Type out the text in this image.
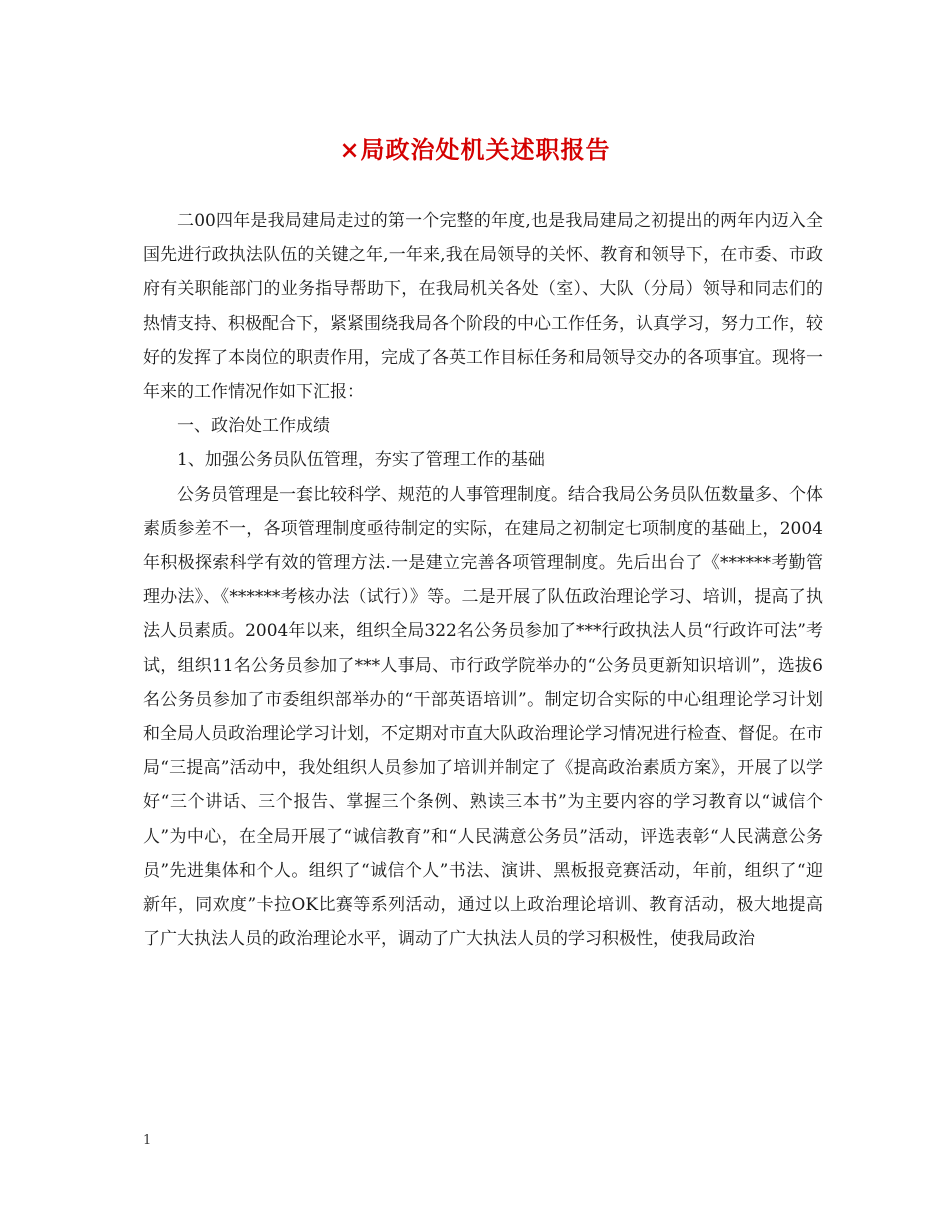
×局政治处机关述职报告

二00四年是我局建局走过的第一个完整的年度,也是我局建局之初提出的两年内迈入全国先进行政执法队伍的关键之年,一年来,我在局领导的关怀、教育和领导下，在市委、市政府有关职能部门的业务指导帮助下，在我局机关各处（室）、大队（分局）领导和同志们的热情支持、积极配合下，紧紧围绕我局各个阶段的中心工作任务，认真学习，努力工作，较好的发挥了本岗位的职责作用，完成了各英工作目标任务和局领导交办的各项事宜。现将一年来的工作情况作如下汇报：

一、政治处工作成绩

1、加强公务员队伍管理，夯实了管理工作的基础

公务员管理是一套比较科学、规范的人事管理制度。结合我局公务员队伍数量多、个体素质参差不一，各项管理制度亟待制定的实际，在建局之初制定七项制度的基础上，2004年积极探索科学有效的管理方法.一是建立完善各项管理制度。先后出台了《******考勤管理办法》、《******考核办法（试行）》等。二是开展了队伍政治理论学习、培训，提高了执法人员素质。2004年以来，组织全局322名公务员参加了***行政执法人员“行政许可法”考试，组织11名公务员参加了***人事局、市行政学院举办的“公务员更新知识培训”，选拔6名公务员参加了市委组织部举办的“干部英语培训”。制定切合实际的中心组理论学习计划和全局人员政治理论学习计划，不定期对市直大队政治理论学习情况进行检查、督促。在市局“三提高”活动中，我处组织人员参加了培训并制定了《提高政治素质方案》，开展了以学好“三个讲话、三个报告、掌握三个条例、熟读三本书”为主要内容的学习教育以“诚信个人”为中心，在全局开展了“诚信教育”和“人民满意公务员”活动，评选表彰“人民满意公务员”先进集体和个人。组织了“诚信个人”书法、演讲、黑板报竞赛活动，年前，组织了“迎新年，同欢度”卡拉OK比赛等系列活动，通过以上政治理论培训、教育活动，极大地提高了广大执法人员的政治理论水平，调动了广大执法人员的学习积极性，使我局政治

1
